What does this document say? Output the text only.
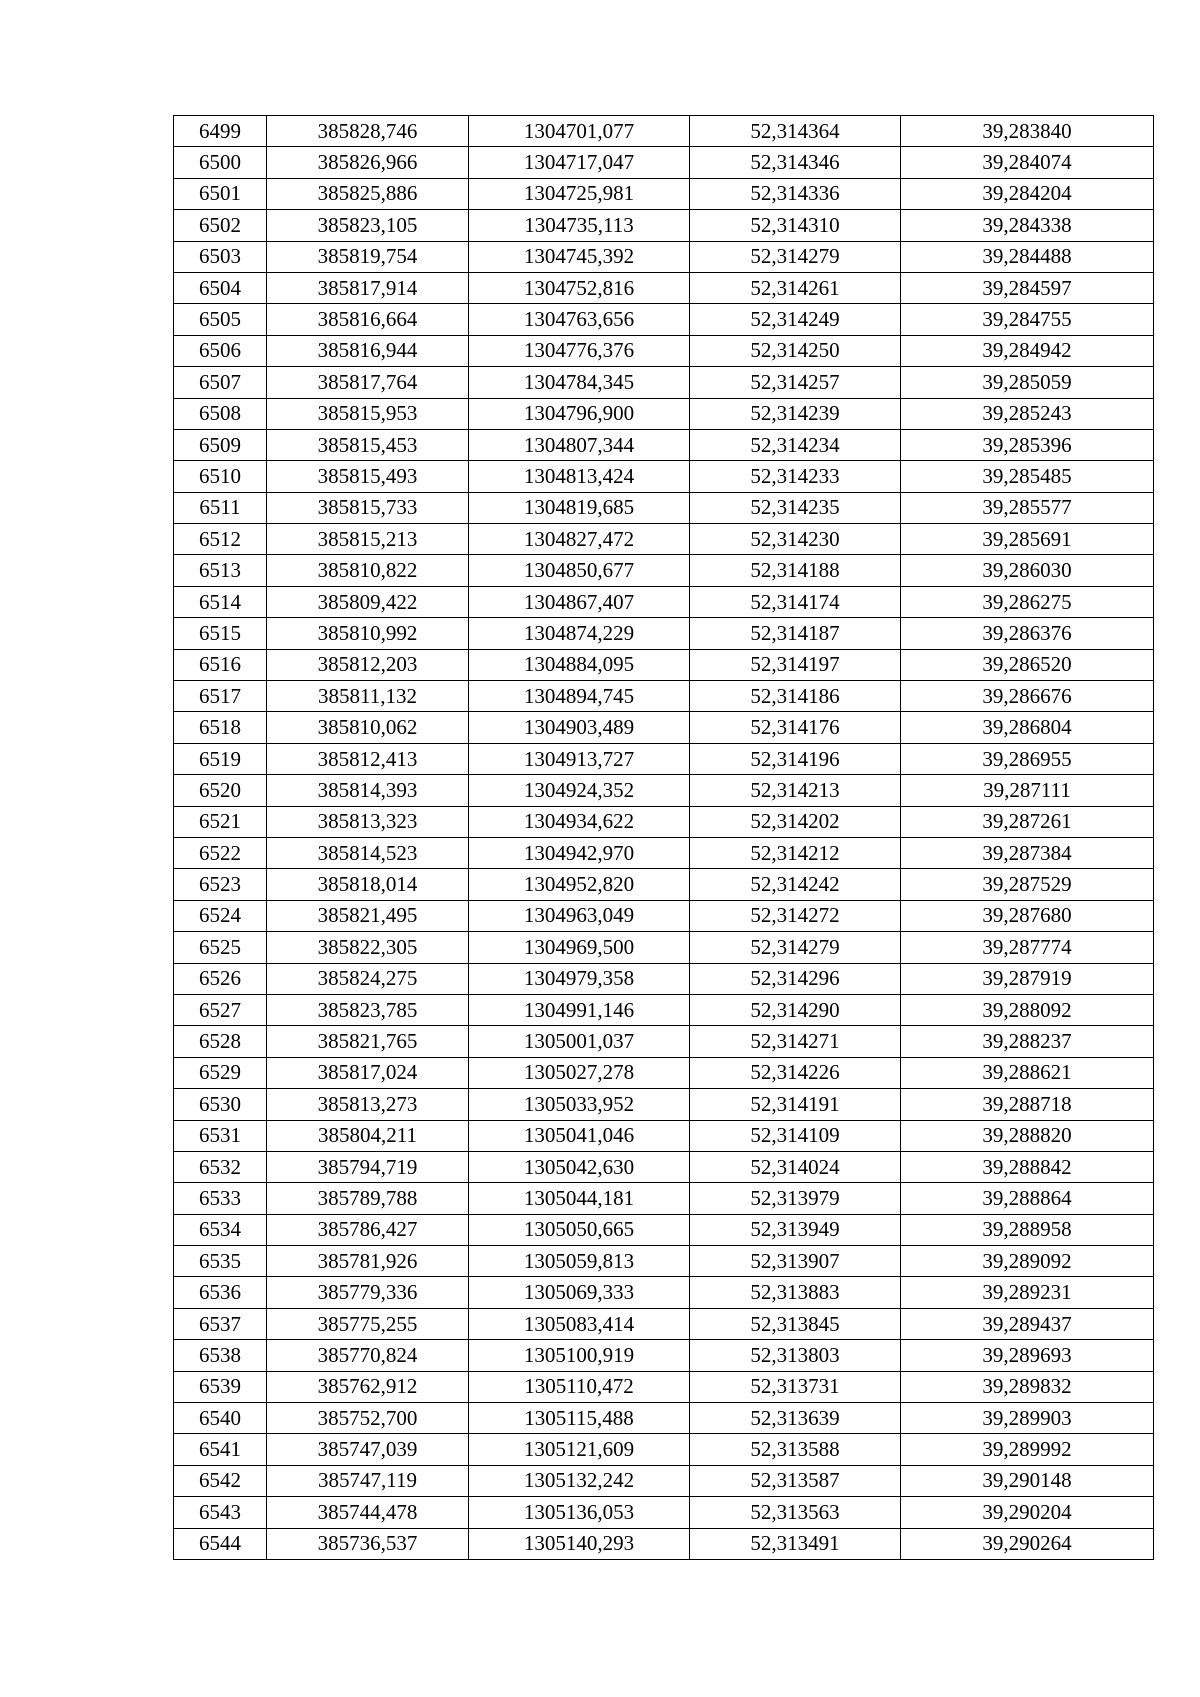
6499	385828,746	1304701,077	52,314364	39,283840
6500	385826,966	1304717,047	52,314346	39,284074
6501	385825,886	1304725,981	52,314336	39,284204
6502	385823,105	1304735,113	52,314310	39,284338
6503	385819,754	1304745,392	52,314279	39,284488
6504	385817,914	1304752,816	52,314261	39,284597
6505	385816,664	1304763,656	52,314249	39,284755
6506	385816,944	1304776,376	52,314250	39,284942
6507	385817,764	1304784,345	52,314257	39,285059
6508	385815,953	1304796,900	52,314239	39,285243
6509	385815,453	1304807,344	52,314234	39,285396
6510	385815,493	1304813,424	52,314233	39,285485
6511	385815,733	1304819,685	52,314235	39,285577
6512	385815,213	1304827,472	52,314230	39,285691
6513	385810,822	1304850,677	52,314188	39,286030
6514	385809,422	1304867,407	52,314174	39,286275
6515	385810,992	1304874,229	52,314187	39,286376
6516	385812,203	1304884,095	52,314197	39,286520
6517	385811,132	1304894,745	52,314186	39,286676
6518	385810,062	1304903,489	52,314176	39,286804
6519	385812,413	1304913,727	52,314196	39,286955
6520	385814,393	1304924,352	52,314213	39,287111
6521	385813,323	1304934,622	52,314202	39,287261
6522	385814,523	1304942,970	52,314212	39,287384
6523	385818,014	1304952,820	52,314242	39,287529
6524	385821,495	1304963,049	52,314272	39,287680
6525	385822,305	1304969,500	52,314279	39,287774
6526	385824,275	1304979,358	52,314296	39,287919
6527	385823,785	1304991,146	52,314290	39,288092
6528	385821,765	1305001,037	52,314271	39,288237
6529	385817,024	1305027,278	52,314226	39,288621
6530	385813,273	1305033,952	52,314191	39,288718
6531	385804,211	1305041,046	52,314109	39,288820
6532	385794,719	1305042,630	52,314024	39,288842
6533	385789,788	1305044,181	52,313979	39,288864
6534	385786,427	1305050,665	52,313949	39,288958
6535	385781,926	1305059,813	52,313907	39,289092
6536	385779,336	1305069,333	52,313883	39,289231
6537	385775,255	1305083,414	52,313845	39,289437
6538	385770,824	1305100,919	52,313803	39,289693
6539	385762,912	1305110,472	52,313731	39,289832
6540	385752,700	1305115,488	52,313639	39,289903
6541	385747,039	1305121,609	52,313588	39,289992
6542	385747,119	1305132,242	52,313587	39,290148
6543	385744,478	1305136,053	52,313563	39,290204
6544	385736,537	1305140,293	52,313491	39,290264
